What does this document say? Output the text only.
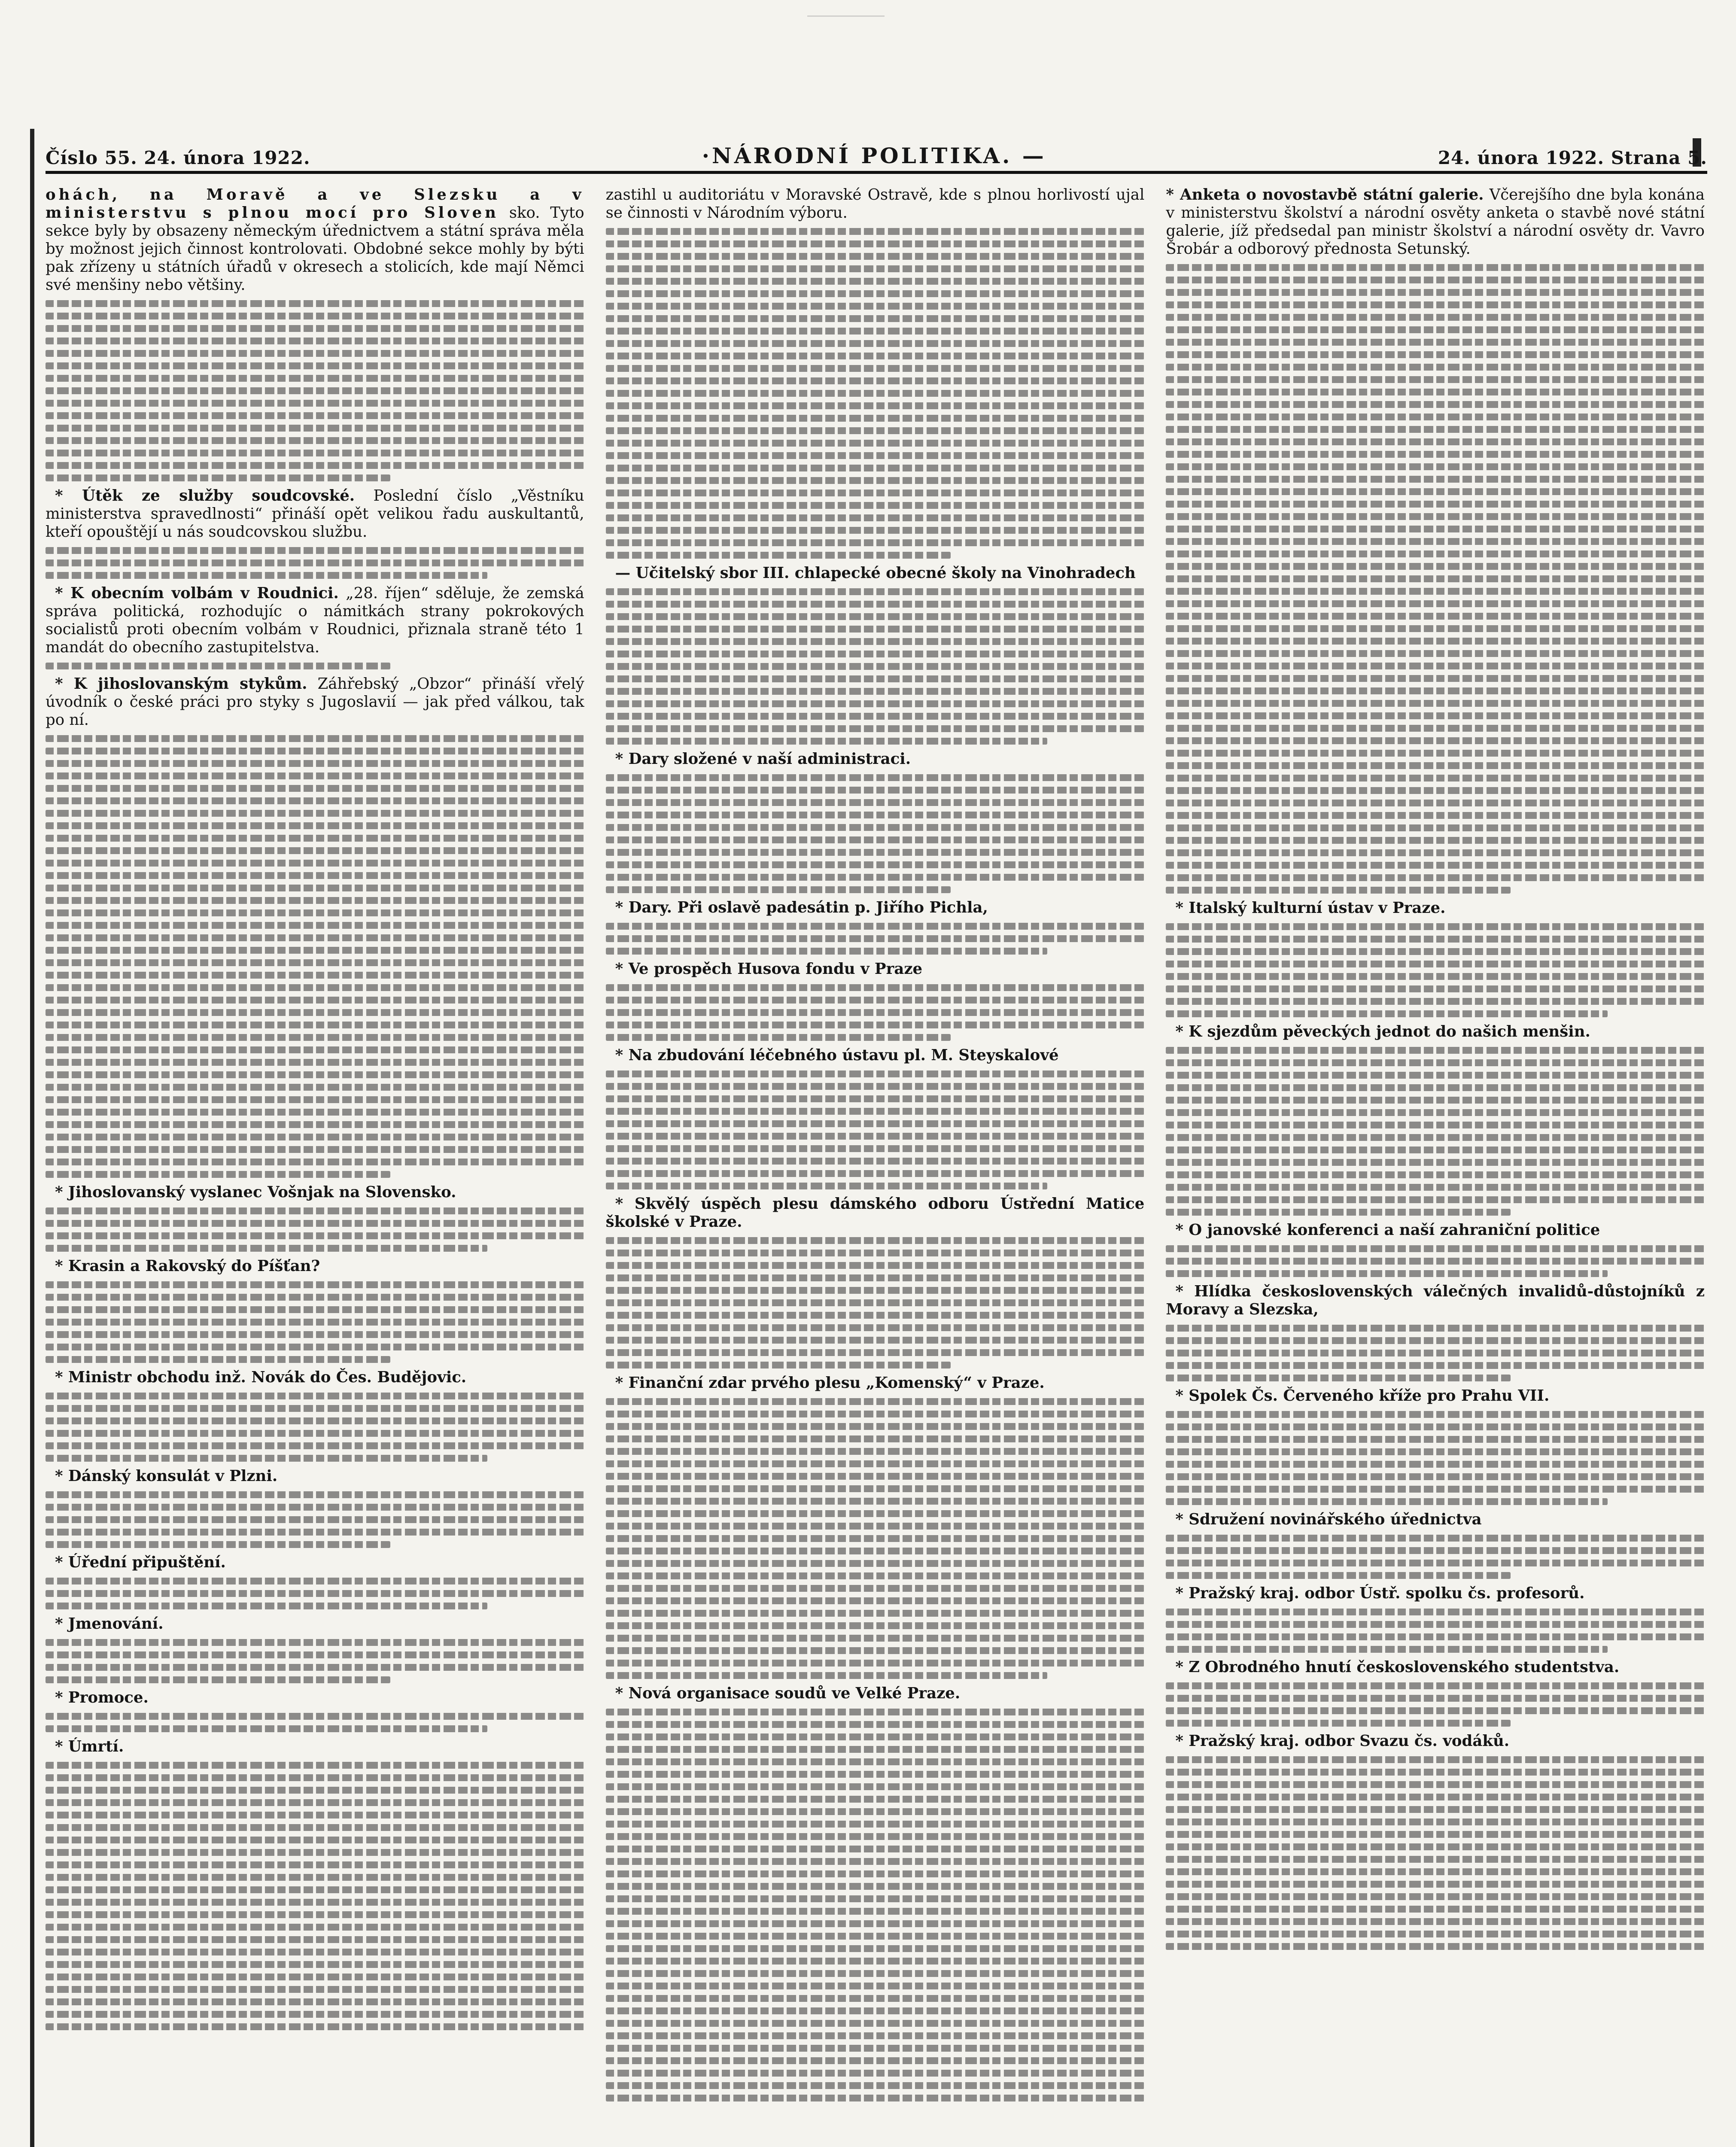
Číslo 55. 24. února 1922.	·NÁRODNÍ POLITIKA. —	24. února 1922. Strana 5.

ohách, na Moravě a ve Slezsku a v ministerstvu s plnou mocí pro Sloven sko. Tyto sekce byly by obsazeny německým úřednictvem a státní správa měla by možnost jejich činnost kontrolovati. Obdobné sekce mohly by býti pak zřízeny u státních úřadů v okresech a stolicích, kde mají Němci své menšiny nebo většiny.

* Útěk ze služby soudcovské. Poslední číslo „Věstníku ministerstva spravedlnosti“ přináší opět velikou řadu auskultantů, kteří opouštějí u nás soudcovskou službu.

* K obecním volbám v Roudnici. „28. říjen“ sděluje, že zemská správa politická, rozhodujíc o námitkách strany pokrokových socialistů proti obecním volbám v Roudnici, přiznala straně této 1 mandát do obecního zastupitelstva.

* K jihoslovanským stykům. Záhřebský „Obzor“ přináší vřelý úvodník o české práci pro styky s Jugoslavií — jak před válkou, tak po ní.

* Jihoslovanský vyslanec Vošnjak na Slovensko.

* Krasin a Rakovský do Píšťan?

* Ministr obchodu inž. Novák do Čes. Budějovic.

* Dánský konsulát v Plzni.

* Úřední připuštění.

* Jmenování.

* Promoce.

* Úmrtí.

zastihl u auditoriátu v Moravské Ostravě, kde s plnou horlivostí ujal se činnosti v Národním výboru.

— Učitelský sbor III. chlapecké obecné školy na Vinohradech

* Dary složené v naší administraci.

* Dary. Při oslavě padesátin p. Jiřího Pichla,

* Ve prospěch Husova fondu v Praze

* Na zbudování léčebného ústavu pl. M. Steyskalové

* Skvělý úspěch plesu dámského odboru Ústřední Matice školské v Praze.

* Finanční zdar prvého plesu „Komenský“ v Praze.

* Nová organisace soudů ve Velké Praze.

* Anketa o novostavbě státní galerie. Včerejšího dne byla konána v ministerstvu školství a národní osvěty anketa o stavbě nové státní galerie, jíž předsedal pan ministr školství a národní osvěty dr. Vavro Šrobár a odborový přednosta Setunský.

* Italský kulturní ústav v Praze.

* K sjezdům pěveckých jednot do našich menšin.

* O janovské konferenci a naší zahraniční politice

* Hlídka československých válečných invalidů-důstojníků z Moravy a Slezska,

* Spolek Čs. Červeného kříže pro Prahu VII.

* Sdružení novinářského úřednictva

* Pražský kraj. odbor Ústř. spolku čs. profesorů.

* Z Obrodného hnutí československého studentstva.

* Pražský kraj. odbor Svazu čs. vodáků.
